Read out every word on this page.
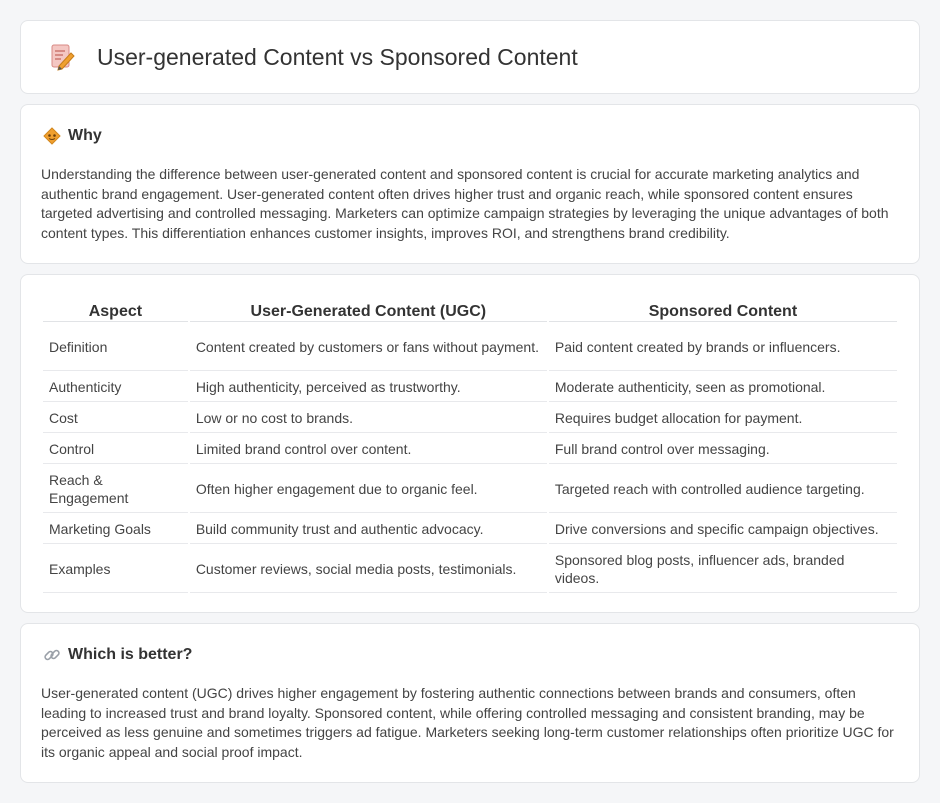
User-generated Content vs Sponsored Content
Why

Understanding the difference between user-generated content and sponsored content is crucial for accurate marketing analytics and authentic brand engagement. User-generated content often drives higher trust and organic reach, while sponsored content ensures targeted advertising and controlled messaging. Marketers can optimize campaign strategies by leveraging the unique advantages of both content types. This differentiation enhances customer insights, improves ROI, and strengthens brand credibility.

Aspect	User-Generated Content (UGC)	Sponsored Content
Definition	Content created by customers or fans without payment.	Paid content created by brands or influencers.
Authenticity	High authenticity, perceived as trustworthy.	Moderate authenticity, seen as promotional.
Cost	Low or no cost to brands.	Requires budget allocation for payment.
Control	Limited brand control over content.	Full brand control over messaging.
Reach & Engagement	Often higher engagement due to organic feel.	Targeted reach with controlled audience targeting.
Marketing Goals	Build community trust and authentic advocacy.	Drive conversions and specific campaign objectives.
Examples	Customer reviews, social media posts, testimonials.	Sponsored blog posts, influencer ads, branded videos.
Which is better?

User-generated content (UGC) drives higher engagement by fostering authentic connections between brands and consumers, often leading to increased trust and brand loyalty. Sponsored content, while offering controlled messaging and consistent branding, may be perceived as less genuine and sometimes triggers ad fatigue. Marketers seeking long-term customer relationships often prioritize UGC for its organic appeal and social proof impact.
